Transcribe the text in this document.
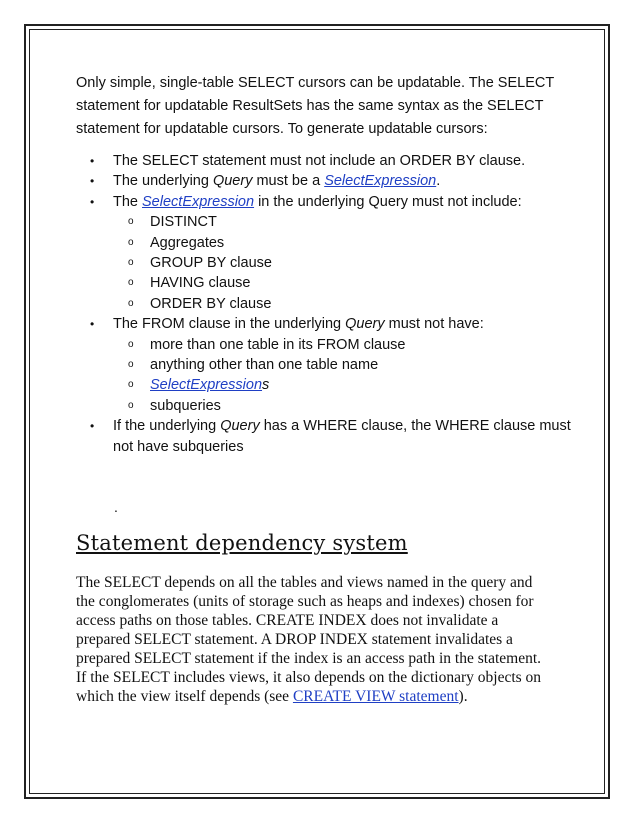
Only simple, single-table SELECT cursors can be updatable. The SELECT statement for updatable ResultSets has the same syntax as the SELECT statement for updatable cursors. To generate updatable cursors:

• The SELECT statement must not include an ORDER BY clause.
• The underlying Query must be a SelectExpression.
• The SelectExpression in the underlying Query must not include:
o DISTINCT
o Aggregates
o GROUP BY clause
o HAVING clause
o ORDER BY clause
• The FROM clause in the underlying Query must not have:
o more than one table in its FROM clause
o anything other than one table name
o SelectExpressions
o subqueries
• If the underlying Query has a WHERE clause, the WHERE clause must not have subqueries
.
Statement dependency system

The SELECT depends on all the tables and views named in the query and the conglomerates (units of storage such as heaps and indexes) chosen for access paths on those tables. CREATE INDEX does not invalidate a prepared SELECT statement. A DROP INDEX statement invalidates a prepared SELECT statement if the index is an access path in the statement. If the SELECT includes views, it also depends on the dictionary objects on which the view itself depends (see CREATE VIEW statement).
